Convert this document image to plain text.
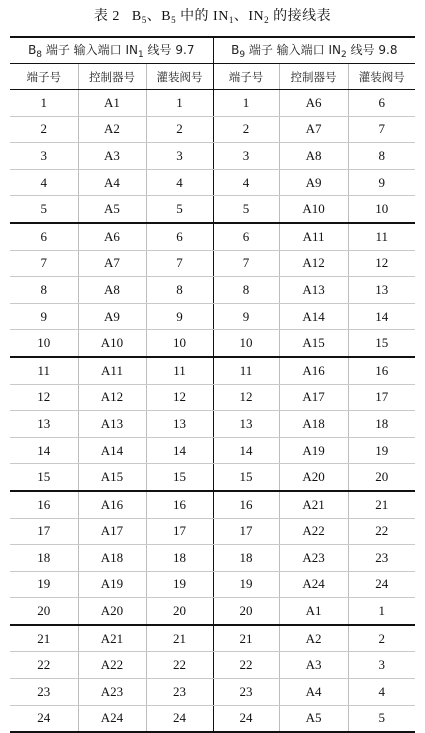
表 2 $B_5$、$B_5$ 中的 $IN_1$、$IN_2$ 的接线表
$B_8$ 端子 输入端口 $IN_1$ 线号 9.7			$B_9$ 端子 输入端口 $IN_2$ 线号 9.8		
端子号	控制器号	灌装阀号	端子号	控制器号	灌装阀号
1	A1	1	1	A6	6
2	A2	2	2	A7	7
3	A3	3	3	A8	8
4	A4	4	4	A9	9
5	A5	5	5	A10	10
6	A6	6	6	A11	11
7	A7	7	7	A12	12
8	A8	8	8	A13	13
9	A9	9	9	A14	14
10	A10	10	10	A15	15
11	A11	11	11	A16	16
12	A12	12	12	A17	17
13	A13	13	13	A18	18
14	A14	14	14	A19	19
15	A15	15	15	A20	20
16	A16	16	16	A21	21
17	A17	17	17	A22	22
18	A18	18	18	A23	23
19	A19	19	19	A24	24
20	A20	20	20	A1	1
21	A21	21	21	A2	2
22	A22	22	22	A3	3
23	A23	23	23	A4	4
24	A24	24	24	A5	5
